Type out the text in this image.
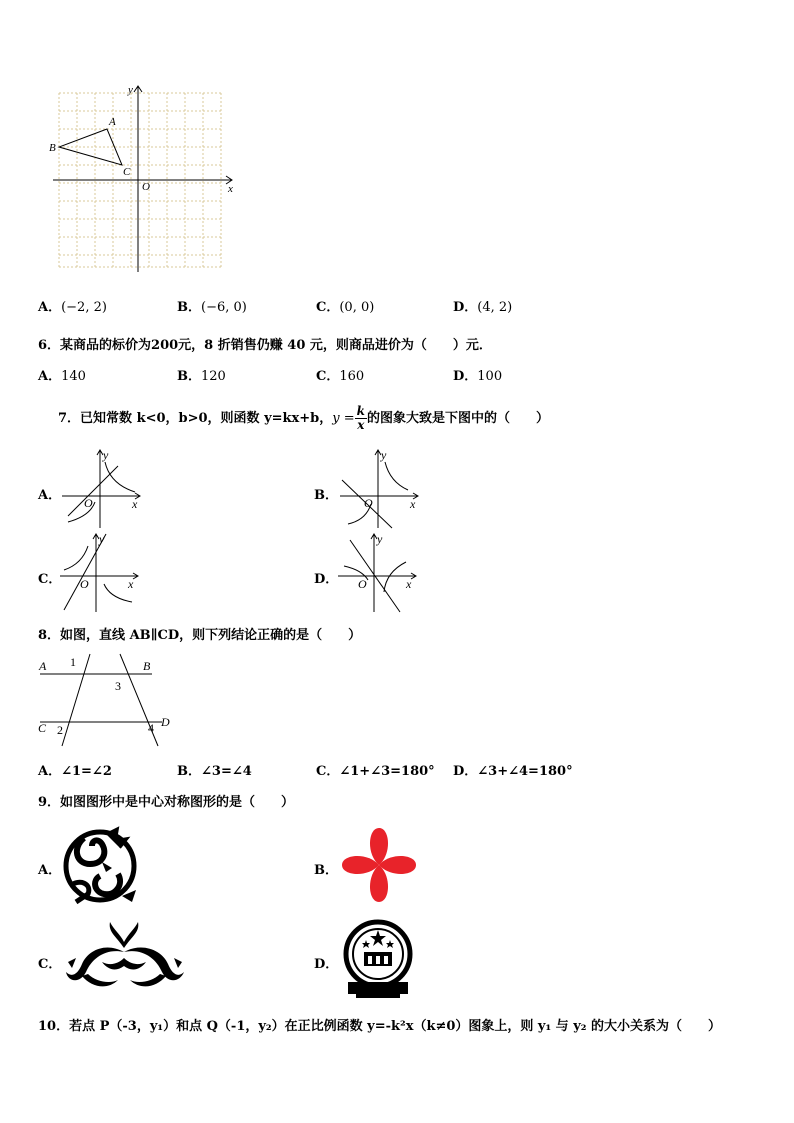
x
y
O
A
B
C
A．(−2, 2)	B．(−6, 0)	C．(0, 0)	D．(4, 2)
6．某商品的标价为200元，8 折销售仍赚 40 元，则商品进价为（　　）元．
A．140	B．120	C．160	D．100
7．已知常数 k<0，b>0，则函数 y=kx+b，$y = \frac{k}{x}$ 的图象大致是下图中的（　　）
A．
x
y
O	B．
x
y
O
C．	x
y
O	D．	x
y
O
8．如图，直线 AB∥CD，则下列结论正确的是（　　）
A	B
C	D
1
3
2	4
A．∠1=∠2	B．∠3=∠4	C．∠1+∠3=180° D．∠3+∠4=180°
9．如图图形中是中心对称图形的是（　　）
A．	B．
C．	D．
10．若点 P（-3，y₁）和点 Q（-1，y₂）在正比例函数 y=-k²x（k≠0）图象上，则 y₁ 与 y₂ 的大小关系为（　　）
